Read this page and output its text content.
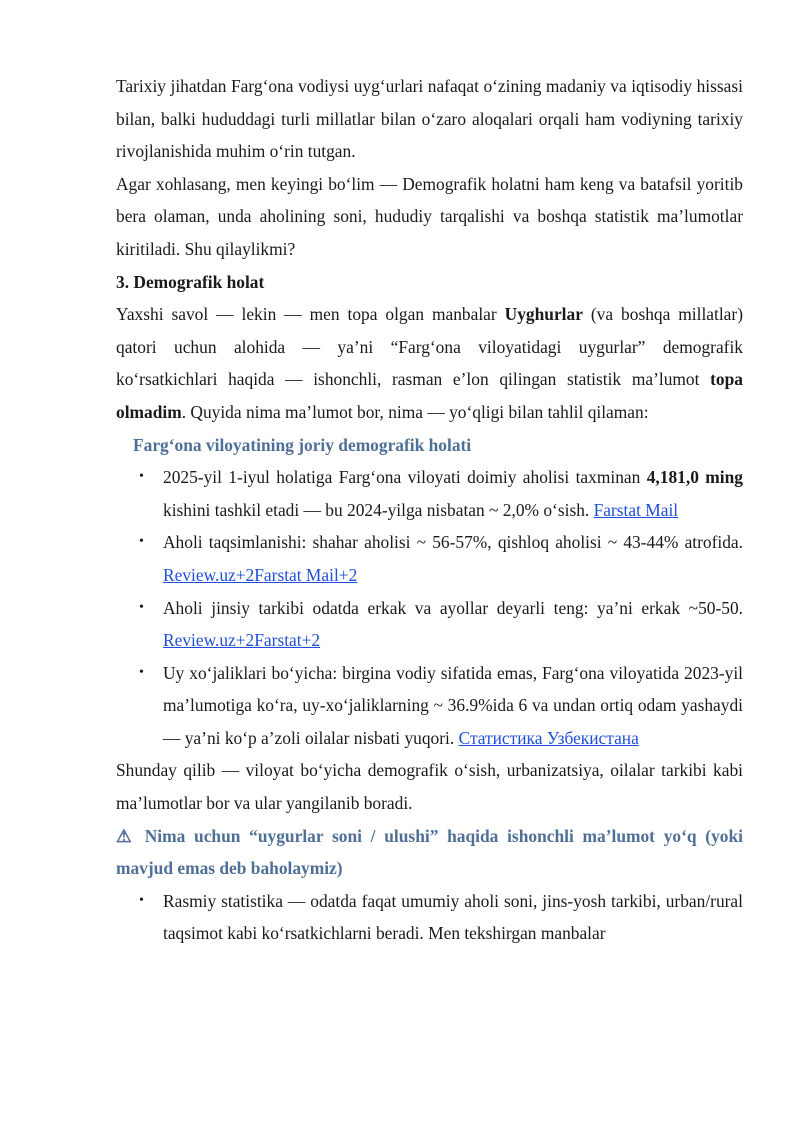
Tarixiy jihatdan Farg‘ona vodiysi uyg‘urlari nafaqat o‘zining madaniy va iqtisodiy hissasi bilan, balki hududdagi turli millatlar bilan o‘zaro aloqalari orqali ham vodiyning tarixiy rivojlanishida muhim o‘rin tutgan.

Agar xohlasang, men keyingi bo‘lim — Demografik holatni ham keng va batafsil yoritib bera olaman, unda aholining soni, hududiy tarqalishi va boshqa statistik ma’lumotlar kiritiladi. Shu qilaylikmi?

3. Demografik holat

Yaxshi savol — lekin — men topa olgan manbalar Uyghurlar (va boshqa millatlar) qatori uchun alohida — ya’ni “Farg‘ona viloyatidagi uygurlar” demografik ko‘rsatkichlari haqida — ishonchli, rasman e’lon qilingan statistik ma’lumot topa olmadim. Quyida nima ma’lumot bor, nima — yo‘qligi bilan tahlil qilaman:

Farg‘ona viloyatining joriy demografik holati
• 2025-yil 1-iyul holatiga Farg‘ona viloyati doimiy aholisi taxminan 4,181,0 ming kishini tashkil etadi — bu 2024-yilga nisbatan ~ 2,0% o‘sish. Farstat Mail
• Aholi taqsimlanishi: shahar aholisi ~ 56-57%, qishloq aholisi ~ 43-44% atrofida. Review.uz+2Farstat Mail+2
• Aholi jinsiy tarkibi odatda erkak va ayollar deyarli teng: ya’ni erkak ~50-50. Review.uz+2Farstat+2
• Uy xo‘jaliklari bo‘yicha: birgina vodiy sifatida emas, Farg‘ona viloyatida 2023-yil ma’lumotiga ko‘ra, uy-xo‘jaliklarning ~ 36.9%ida 6 va undan ortiq odam yashaydi — ya’ni ko‘p a’zoli oilalar nisbati yuqori. Статистика Узбекистана

Shunday qilib — viloyat bo‘yicha demografik o‘sish, urbanizatsiya, oilalar tarkibi kabi ma’lumotlar bor va ular yangilanib boradi.

⚠ Nima uchun “uygurlar soni / ulushi” haqida ishonchli ma’lumot yo‘q (yoki mavjud emas deb baholaymiz)
• Rasmiy statistika — odatda faqat umumiy aholi soni, jins-yosh tarkibi, urban/rural taqsimot kabi ko‘rsatkichlarni beradi. Men tekshirgan manbalar
